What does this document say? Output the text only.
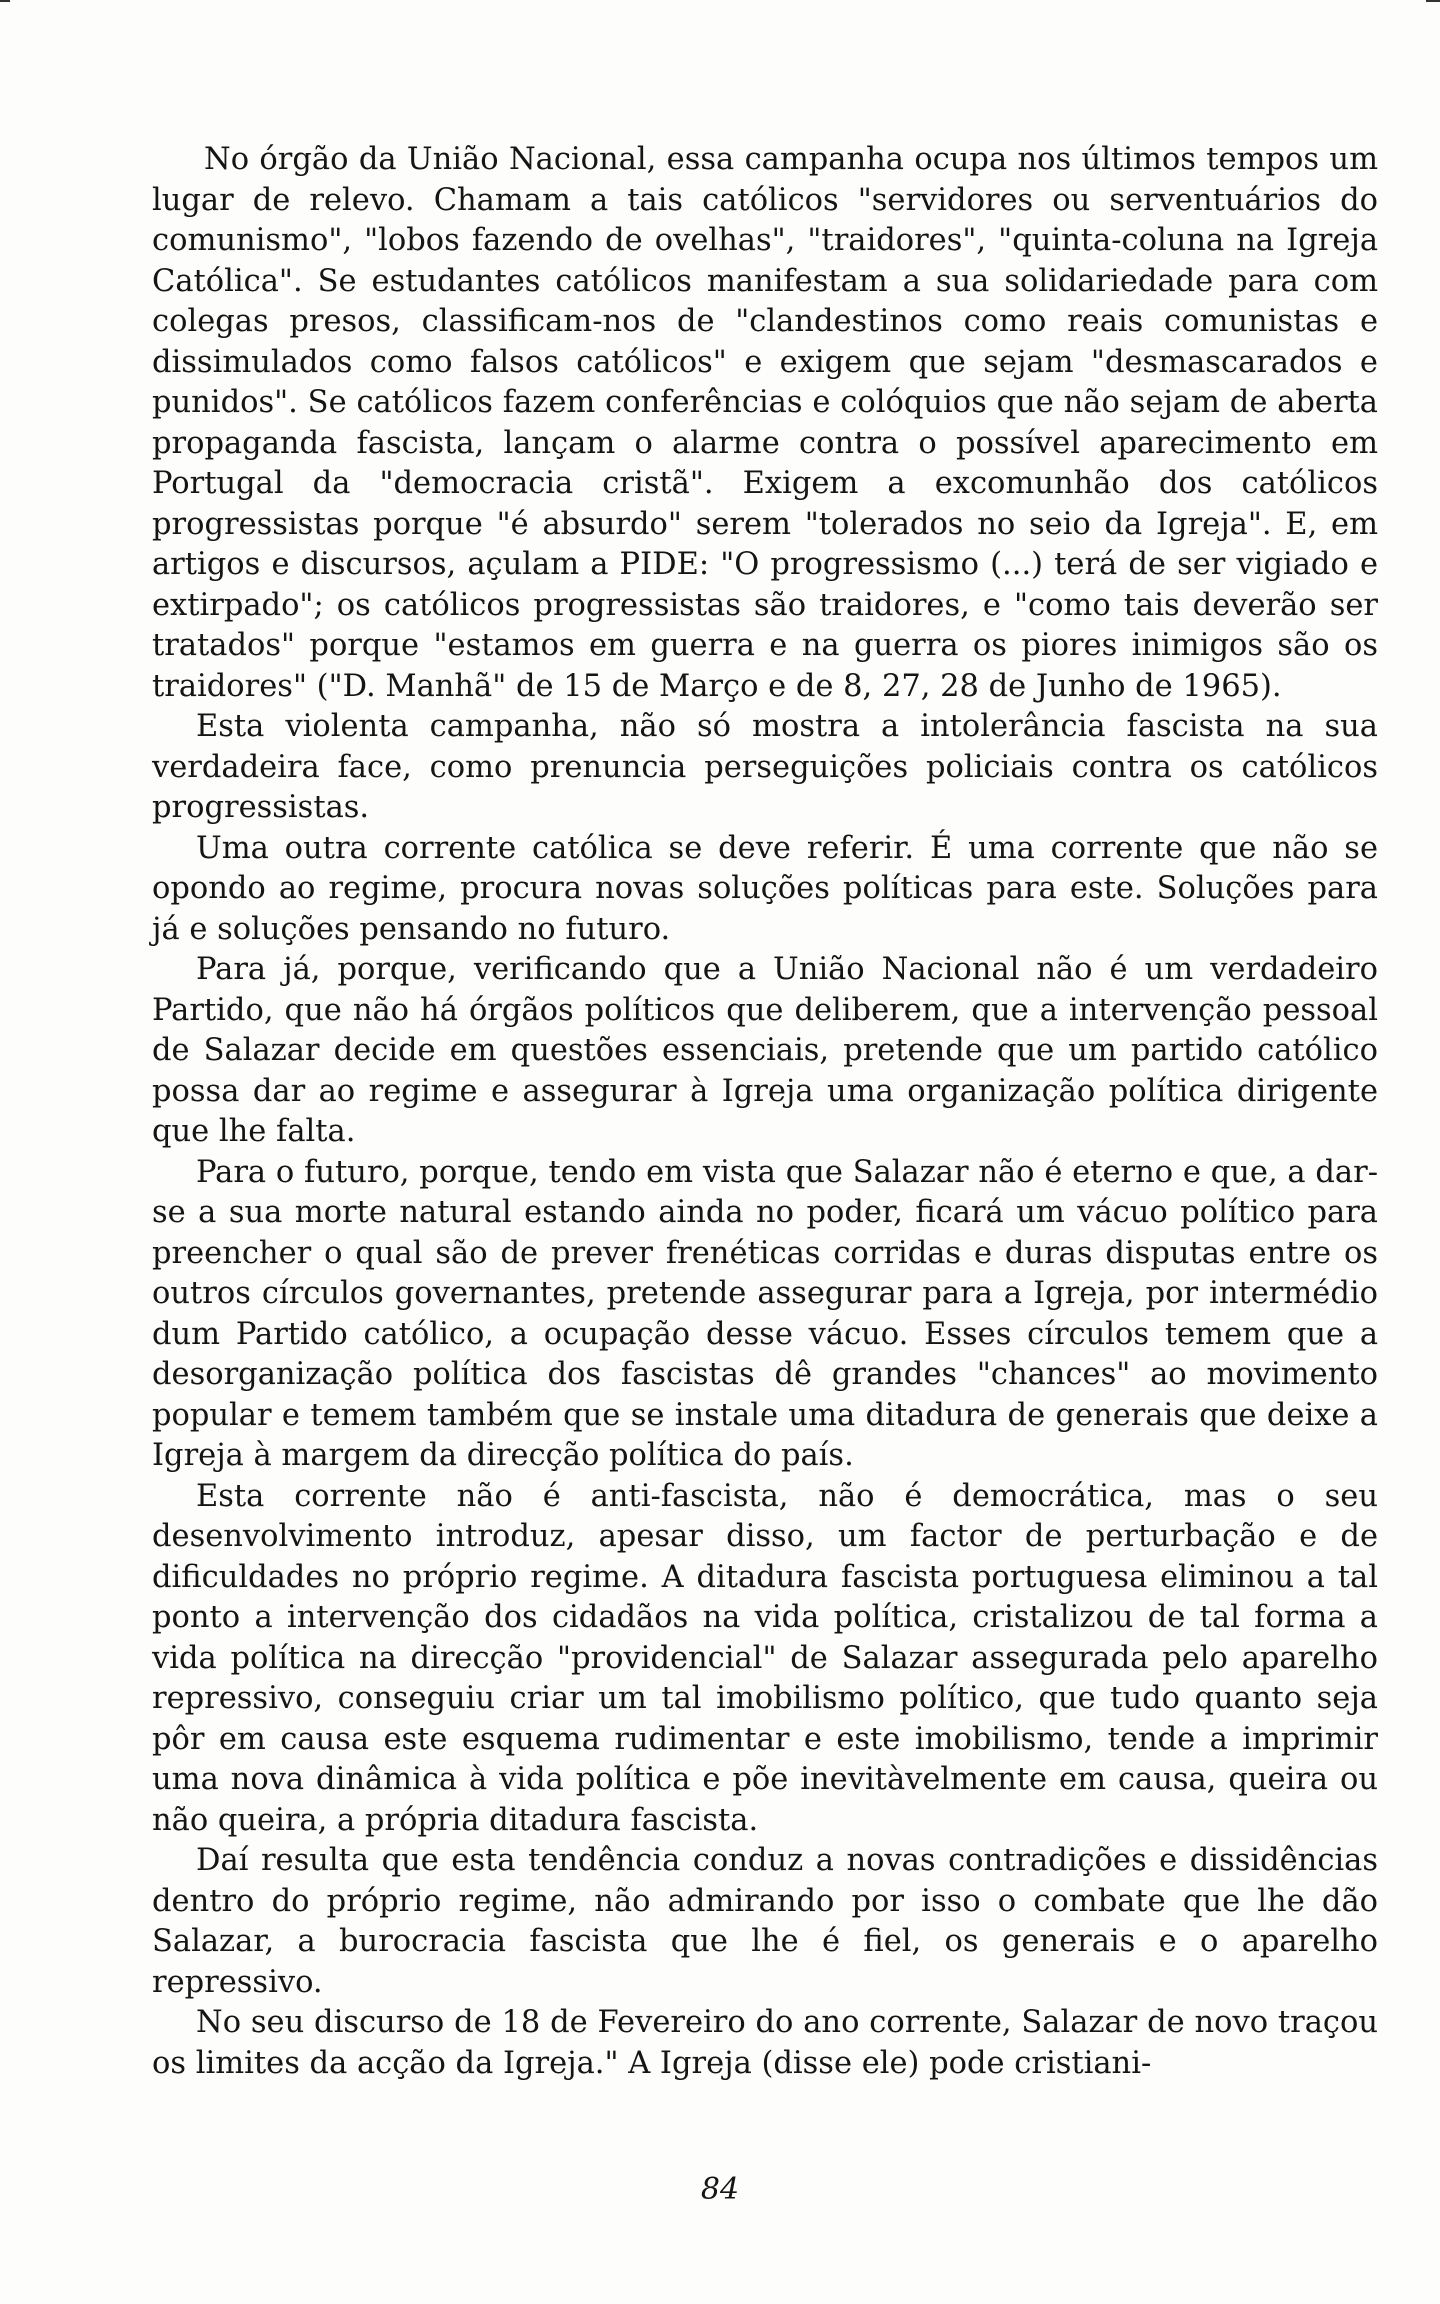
No órgão da União Nacional, essa campanha ocupa nos últimos tempos um lugar de relevo. Chamam a tais católicos "servidores ou serventuários do comunismo", "lobos fazendo de ovelhas", "traidores", "quinta-coluna na Igreja Católica". Se estudantes católicos manifestam a sua solidariedade para com colegas presos, classificam-nos de "clandestinos como reais comunistas e dissimulados como falsos católicos" e exigem que sejam "desmascarados e punidos". Se católicos fazem conferências e colóquios que não sejam de aberta propaganda fascista, lançam o alarme contra o possível aparecimento em Portugal da "democracia cristã". Exigem a excomunhão dos católicos progressistas porque "é absurdo" serem "tolerados no seio da Igreja". E, em artigos e discursos, açulam a PIDE: "O progressismo (...) terá de ser vigiado e extirpado"; os católicos progressistas são traidores, e "como tais deverão ser tratados" porque "estamos em guerra e na guerra os piores inimigos são os traidores" ("D. Manhã" de 15 de Março e de 8, 27, 28 de Junho de 1965).

Esta violenta campanha, não só mostra a intolerância fascista na sua verdadeira face, como prenuncia perseguições policiais contra os católicos progressistas.

Uma outra corrente católica se deve referir. É uma corrente que não se opondo ao regime, procura novas soluções políticas para este. Soluções para já e soluções pensando no futuro.

Para já, porque, verificando que a União Nacional não é um verdadeiro Partido, que não há órgãos políticos que deliberem, que a intervenção pessoal de Salazar decide em questões essenciais, pretende que um partido católico possa dar ao regime e assegurar à Igreja uma organização política dirigente que lhe falta.

Para o futuro, porque, tendo em vista que Salazar não é eterno e que, a dar-se a sua morte natural estando ainda no poder, ficará um vácuo político para preencher o qual são de prever frenéticas corridas e duras disputas entre os outros círculos governantes, pretende assegurar para a Igreja, por intermédio dum Partido católico, a ocupação desse vácuo. Esses círculos temem que a desorganização política dos fascistas dê grandes "chances" ao movimento popular e temem também que se instale uma ditadura de generais que deixe a Igreja à margem da direcção política do país.

Esta corrente não é anti-fascista, não é democrática, mas o seu desenvolvimento introduz, apesar disso, um factor de perturbação e de dificuldades no próprio regime. A ditadura fascista portuguesa eliminou a tal ponto a intervenção dos cidadãos na vida política, cristalizou de tal forma a vida política na direcção "providencial" de Salazar assegurada pelo aparelho repressivo, conseguiu criar um tal imobilismo político, que tudo quanto seja pôr em causa este esquema rudimentar e este imobilismo, tende a imprimir uma nova dinâmica à vida política e põe inevitàvelmente em causa, queira ou não queira, a própria ditadura fascista.

Daí resulta que esta tendência conduz a novas contradições e dissidências dentro do próprio regime, não admirando por isso o combate que lhe dão Salazar, a burocracia fascista que lhe é fiel, os generais e o aparelho repressivo.

No seu discurso de 18 de Fevereiro do ano corrente, Salazar de novo traçou os limites da acção da Igreja." A Igreja (disse ele) pode cristiani-

84
